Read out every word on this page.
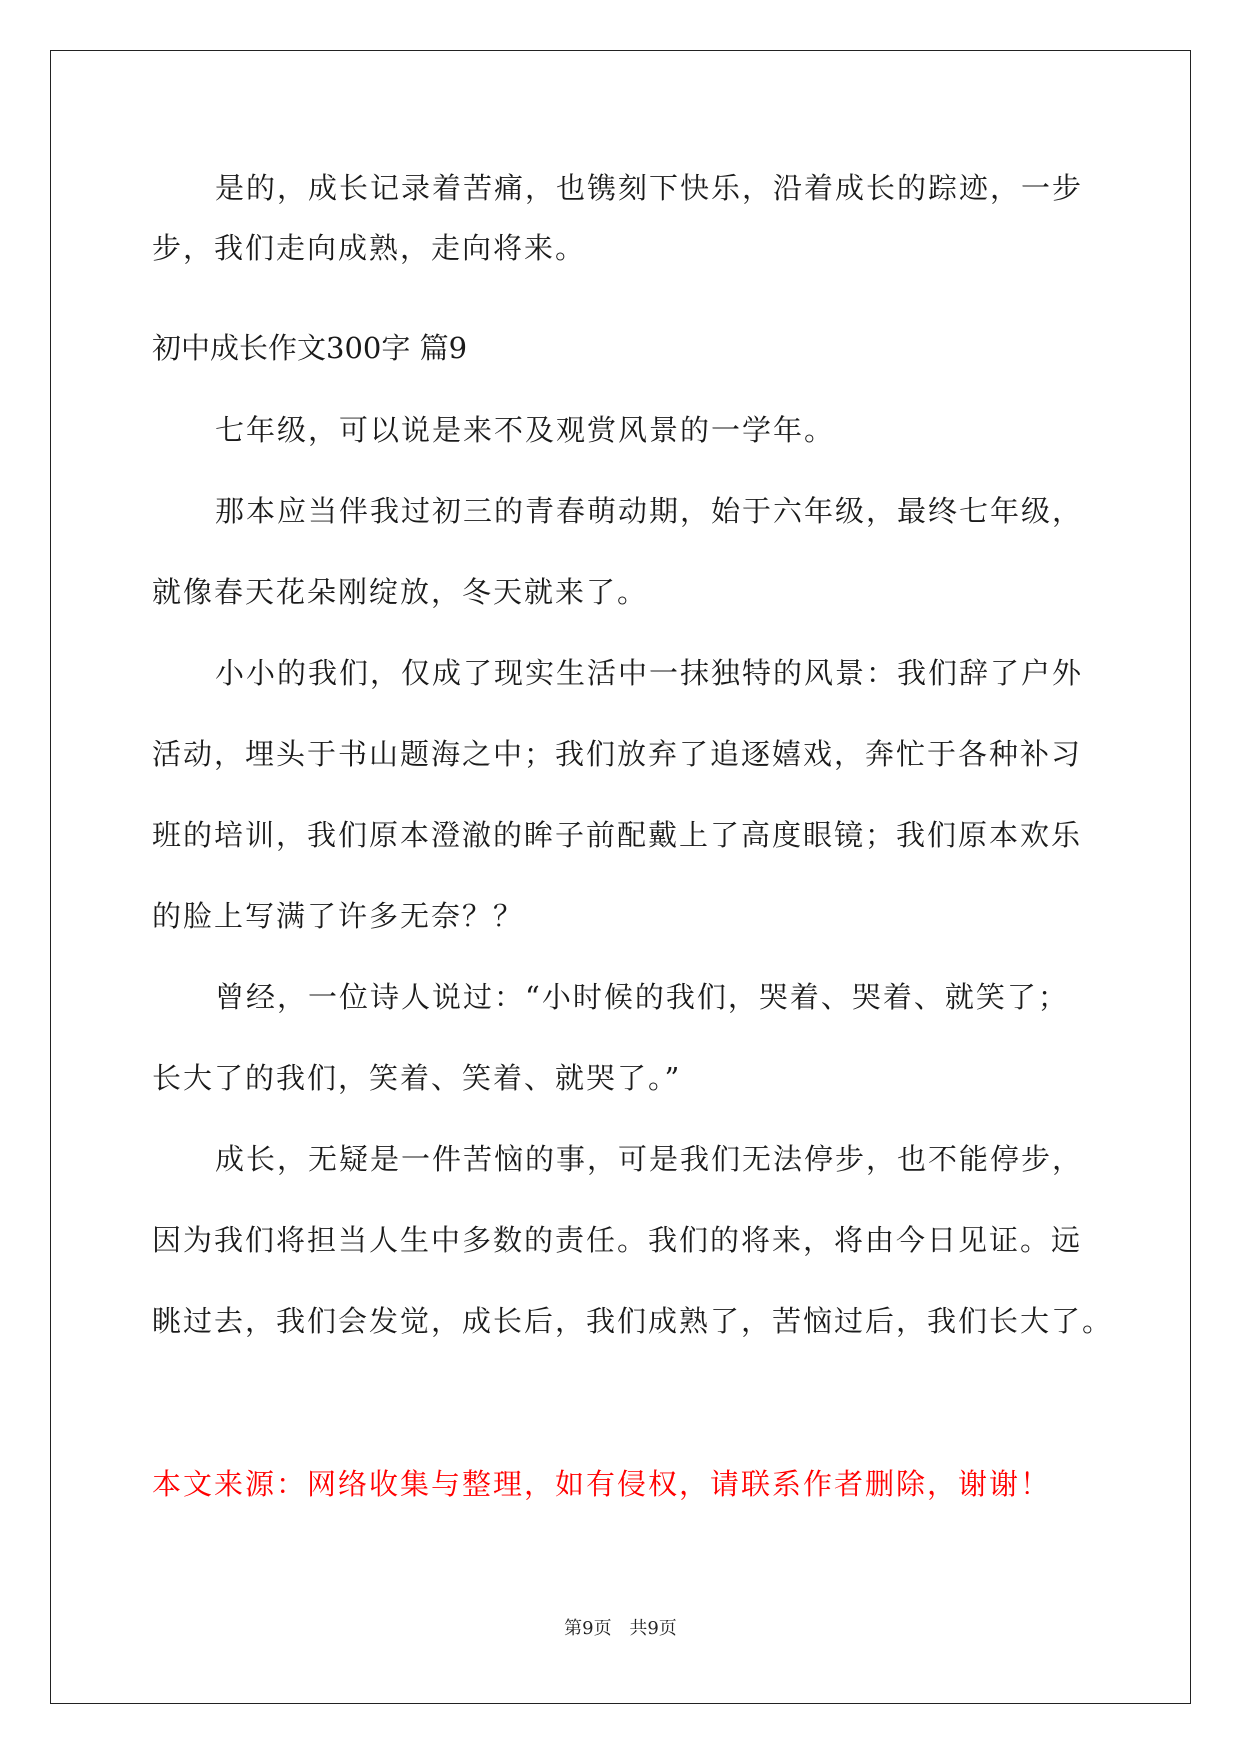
是的，成长记录着苦痛，也镌刻下快乐，沿着成长的踪迹，一步
步，我们走向成熟，走向将来。
初中成长作文300字 篇9
七年级，可以说是来不及观赏风景的一学年。
那本应当伴我过初三的青春萌动期，始于六年级，最终七年级，
就像春天花朵刚绽放，冬天就来了。
小小的我们，仅成了现实生活中一抹独特的风景：我们辞了户外
活动，埋头于书山题海之中；我们放弃了追逐嬉戏，奔忙于各种补习
班的培训，我们原本澄澈的眸子前配戴上了高度眼镜；我们原本欢乐
的脸上写满了许多无奈？？
曾经，一位诗人说过：“小时候的我们，哭着、哭着、就笑了；
长大了的我们，笑着、笑着、就哭了。”
成长，无疑是一件苦恼的事，可是我们无法停步，也不能停步，
因为我们将担当人生中多数的责任。我们的将来，将由今日见证。远
眺过去，我们会发觉，成长后，我们成熟了，苦恼过后，我们长大了。
本文来源：网络收集与整理，如有侵权，请联系作者删除，谢谢！
第9页 共9页
